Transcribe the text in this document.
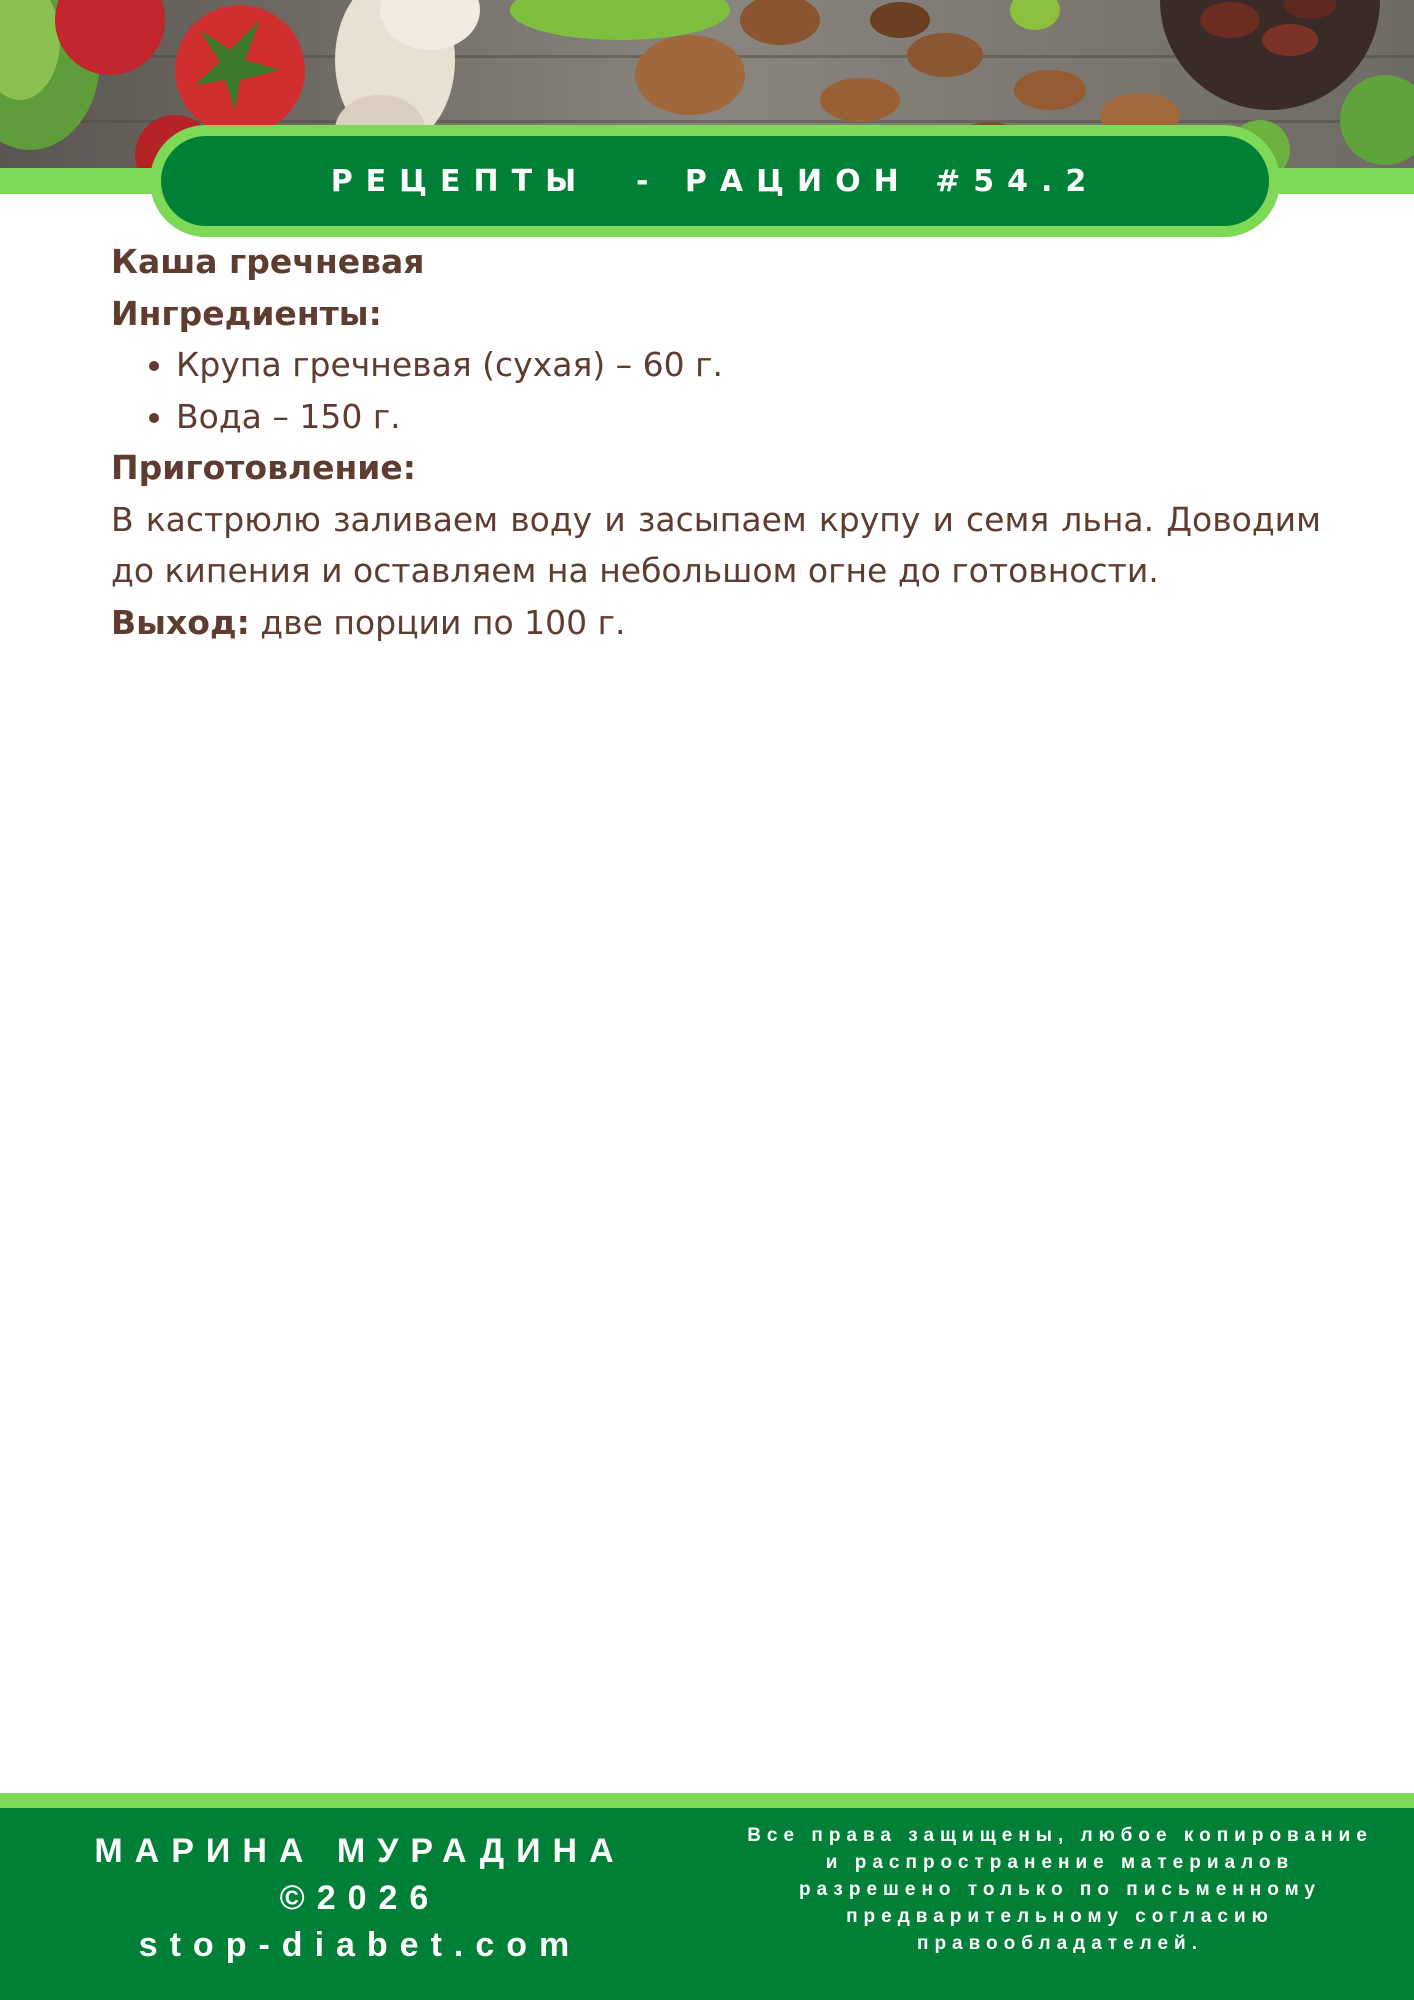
РЕЦЕПТЫ  - РАЦИОН #54.2

Каша гречневая

Ингредиенты:

• Крупа гречневая (сухая) – 60 г.
• Вода – 150 г.

Приготовление:

В кастрюлю заливаем воду и засыпаем крупу и семя льна. Доводим до кипения и оставляем на небольшом огне до готовности.

Выход: две порции по 100 г.

МАРИНА МУРАДИНА
©2026
stop-diabet.com
Все права защищены, любое копирование
и распространение материалов
разрешено только по письменному
предварительному согласию
правообладателей.
